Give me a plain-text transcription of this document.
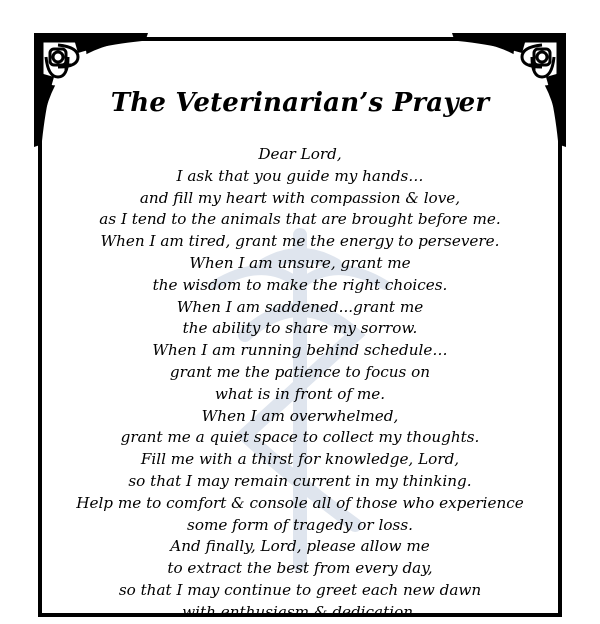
The Veterinarian’s Prayer
Dear Lord,
I ask that you guide my hands…
and fill my heart with compassion & love,
as I tend to the animals that are brought before me.
When I am tired, grant me the energy to persevere.
When I am unsure, grant me
the wisdom to make the right choices.
When I am saddened...grant me
the ability to share my sorrow.
When I am running behind schedule…
grant me the patience to focus on
what is in front of me.
When I am overwhelmed,
grant me a quiet space to collect my thoughts.
Fill me with a thirst for knowledge, Lord,
so that I may remain current in my thinking.
Help me to comfort & console all of those who experience
some form of tragedy or loss.
And finally, Lord, please allow me
to extract the best from every day,
so that I may continue to greet each new dawn
with enthusiasm & dedication.
